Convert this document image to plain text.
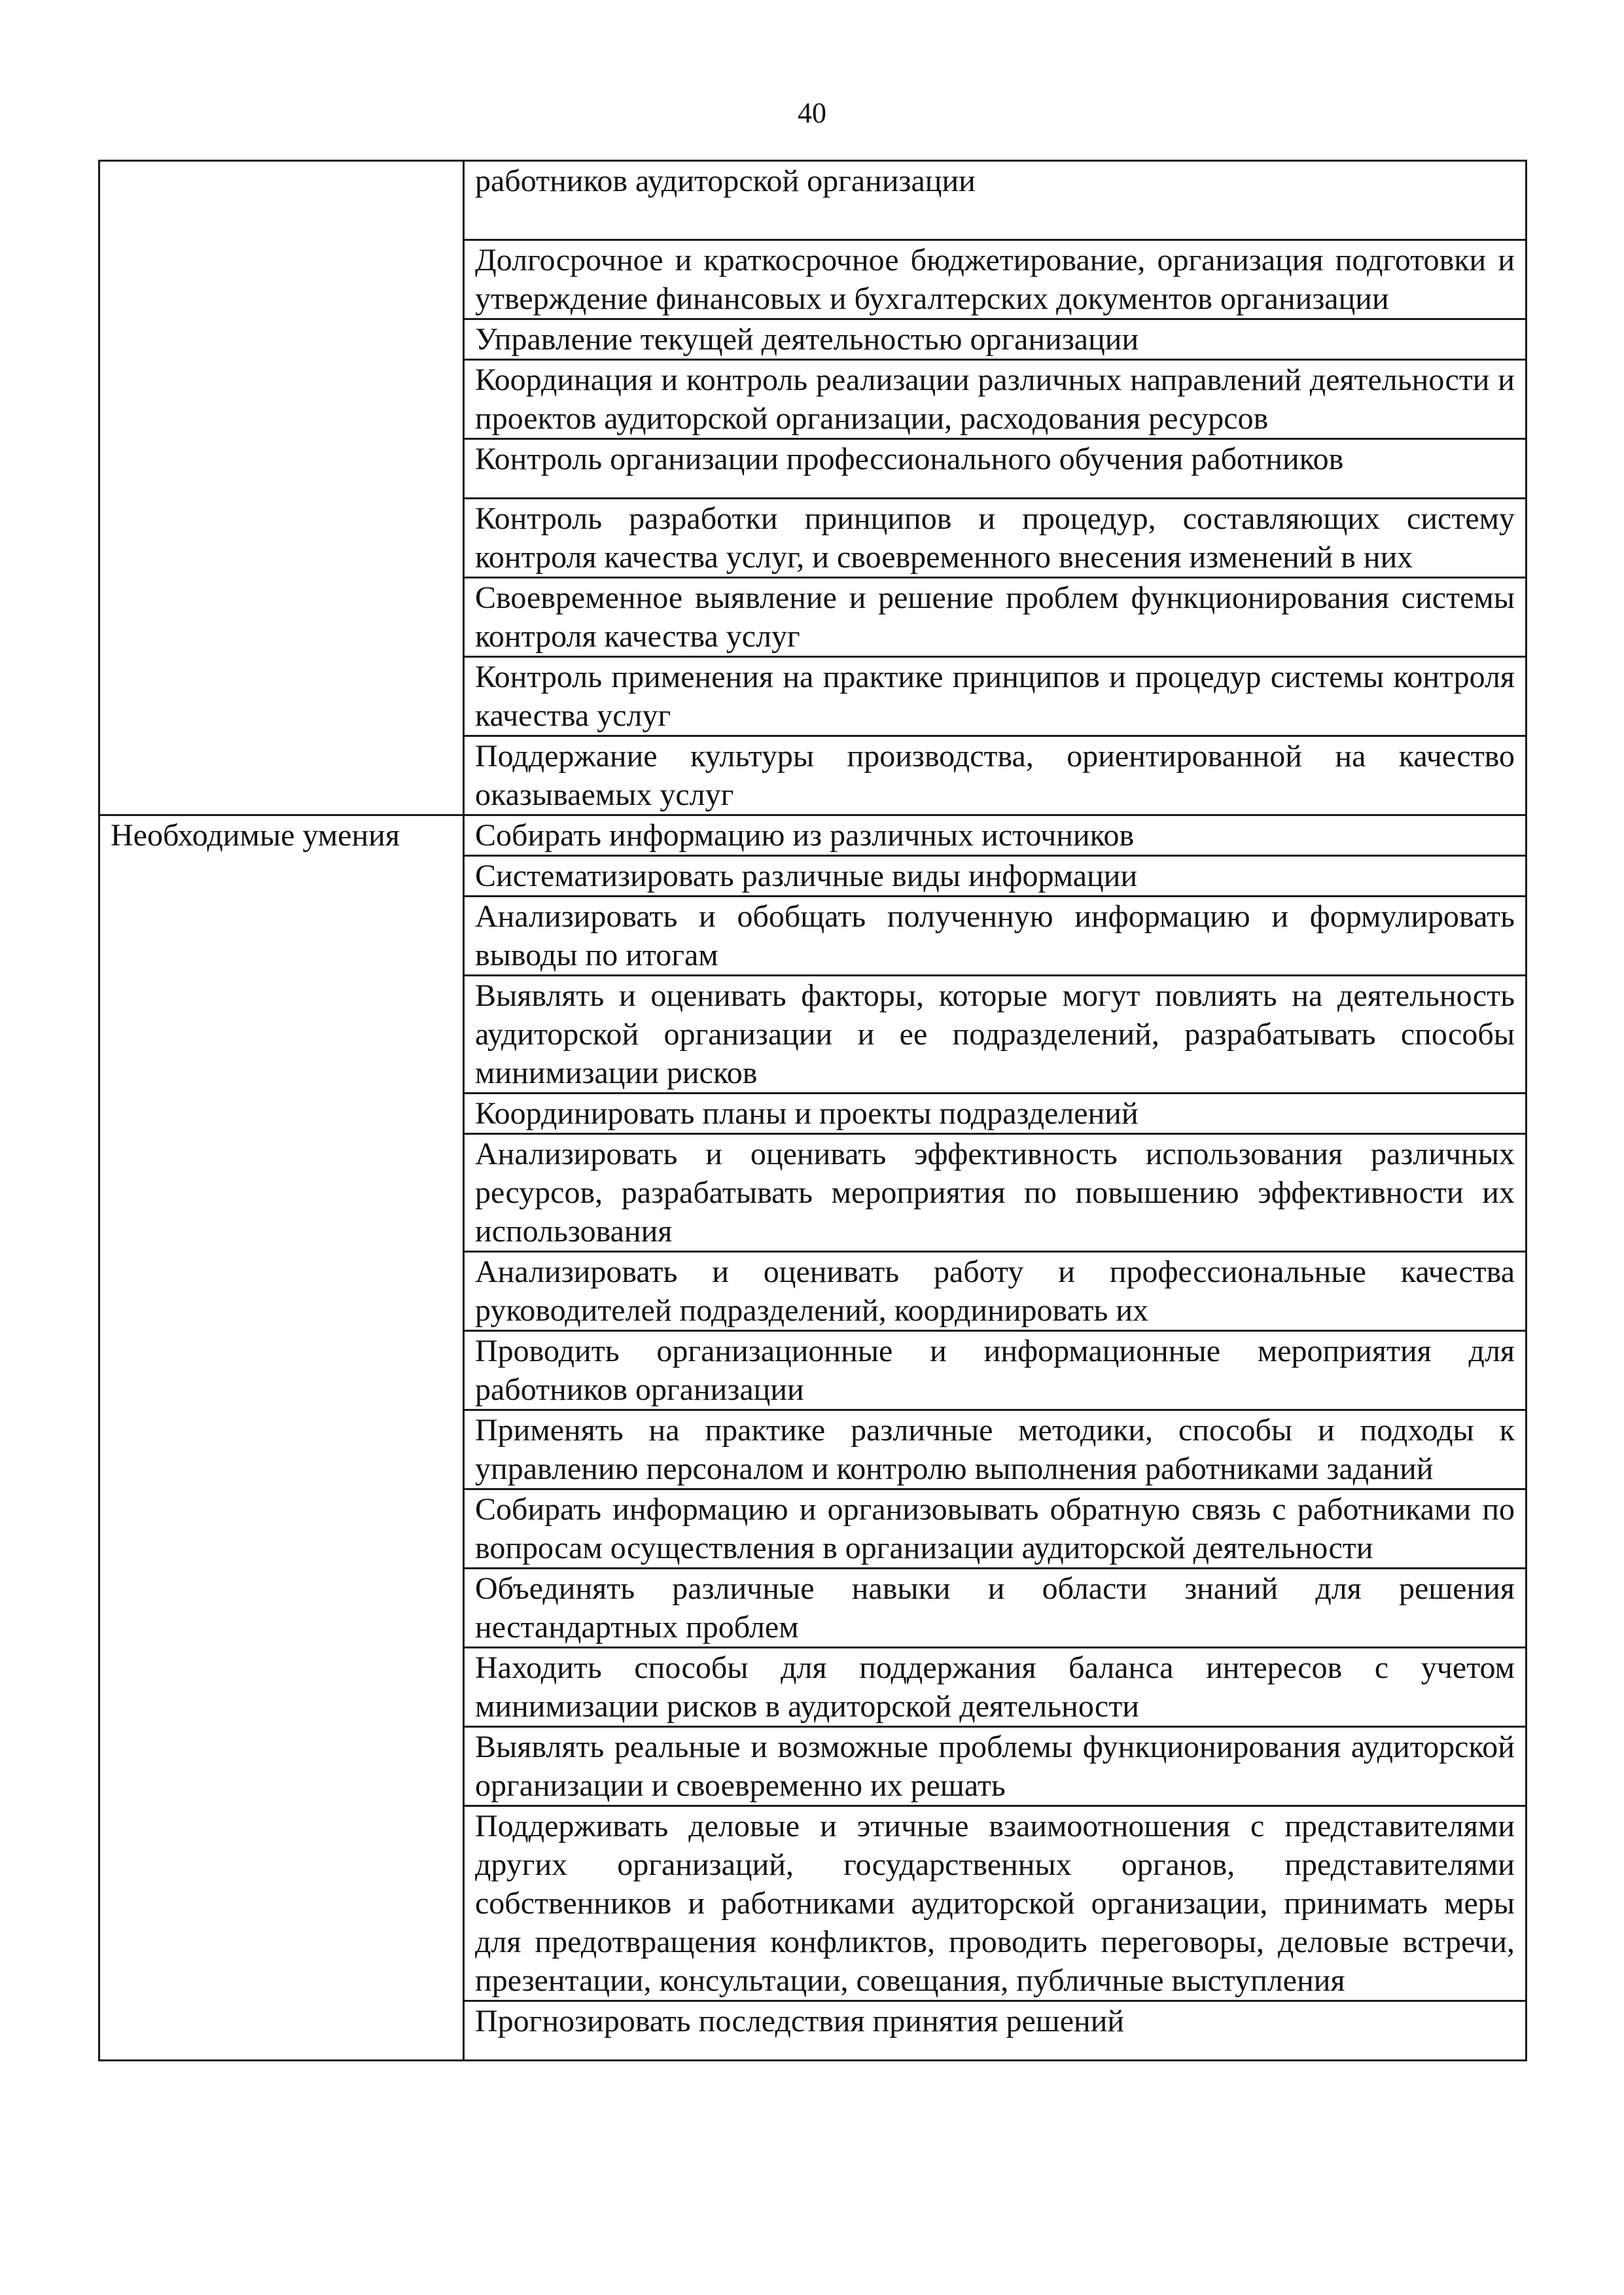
40

	работников аудиторской организации

	Долгосрочное и краткосрочное бюджетирование, организация подготовки и утверждение финансовых и бухгалтерских документов организации

	Управление текущей деятельностью организации

	Координация и контроль реализации различных направлений деятельности и проектов аудиторской организации, расходования ресурсов

	Контроль организации профессионального обучения работников

	Контроль разработки принципов и процедур, составляющих систему контроля качества услуг, и своевременного внесения изменений в них

	Своевременное выявление и решение проблем функционирования системы контроля качества услуг

	Контроль применения на практике принципов и процедур системы контроля качества услуг

	Поддержание культуры производства, ориентированной на качество оказываемых услуг

Необходимые умения	Собирать информацию из различных источников

	Систематизировать различные виды информации

	Анализировать и обобщать полученную информацию и формулировать выводы по итогам

	Выявлять и оценивать факторы, которые могут повлиять на деятельность аудиторской организации и ее подразделений, разрабатывать способы минимизации рисков

	Координировать планы и проекты подразделений

	Анализировать и оценивать эффективность использования различных ресурсов, разрабатывать мероприятия по повышению эффективности их использования

	Анализировать и оценивать работу и профессиональные качества руководителей подразделений, координировать их

	Проводить организационные и информационные мероприятия для работников организации

	Применять на практике различные методики, способы и подходы к управлению персоналом и контролю выполнения работниками заданий

	Собирать информацию и организовывать обратную связь с работниками по вопросам осуществления в организации аудиторской деятельности

	Объединять различные навыки и области знаний для решения нестандартных проблем

	Находить способы для поддержания баланса интересов с учетом минимизации рисков в аудиторской деятельности

	Выявлять реальные и возможные проблемы функционирования аудиторской организации и своевременно их решать

	Поддерживать деловые и этичные взаимоотношения с представителями других организаций, государственных органов, представителями собственников и работниками аудиторской организации, принимать меры для предотвращения конфликтов, проводить переговоры, деловые встречи, презентации, консультации, совещания, публичные выступления

	Прогнозировать последствия принятия решений
